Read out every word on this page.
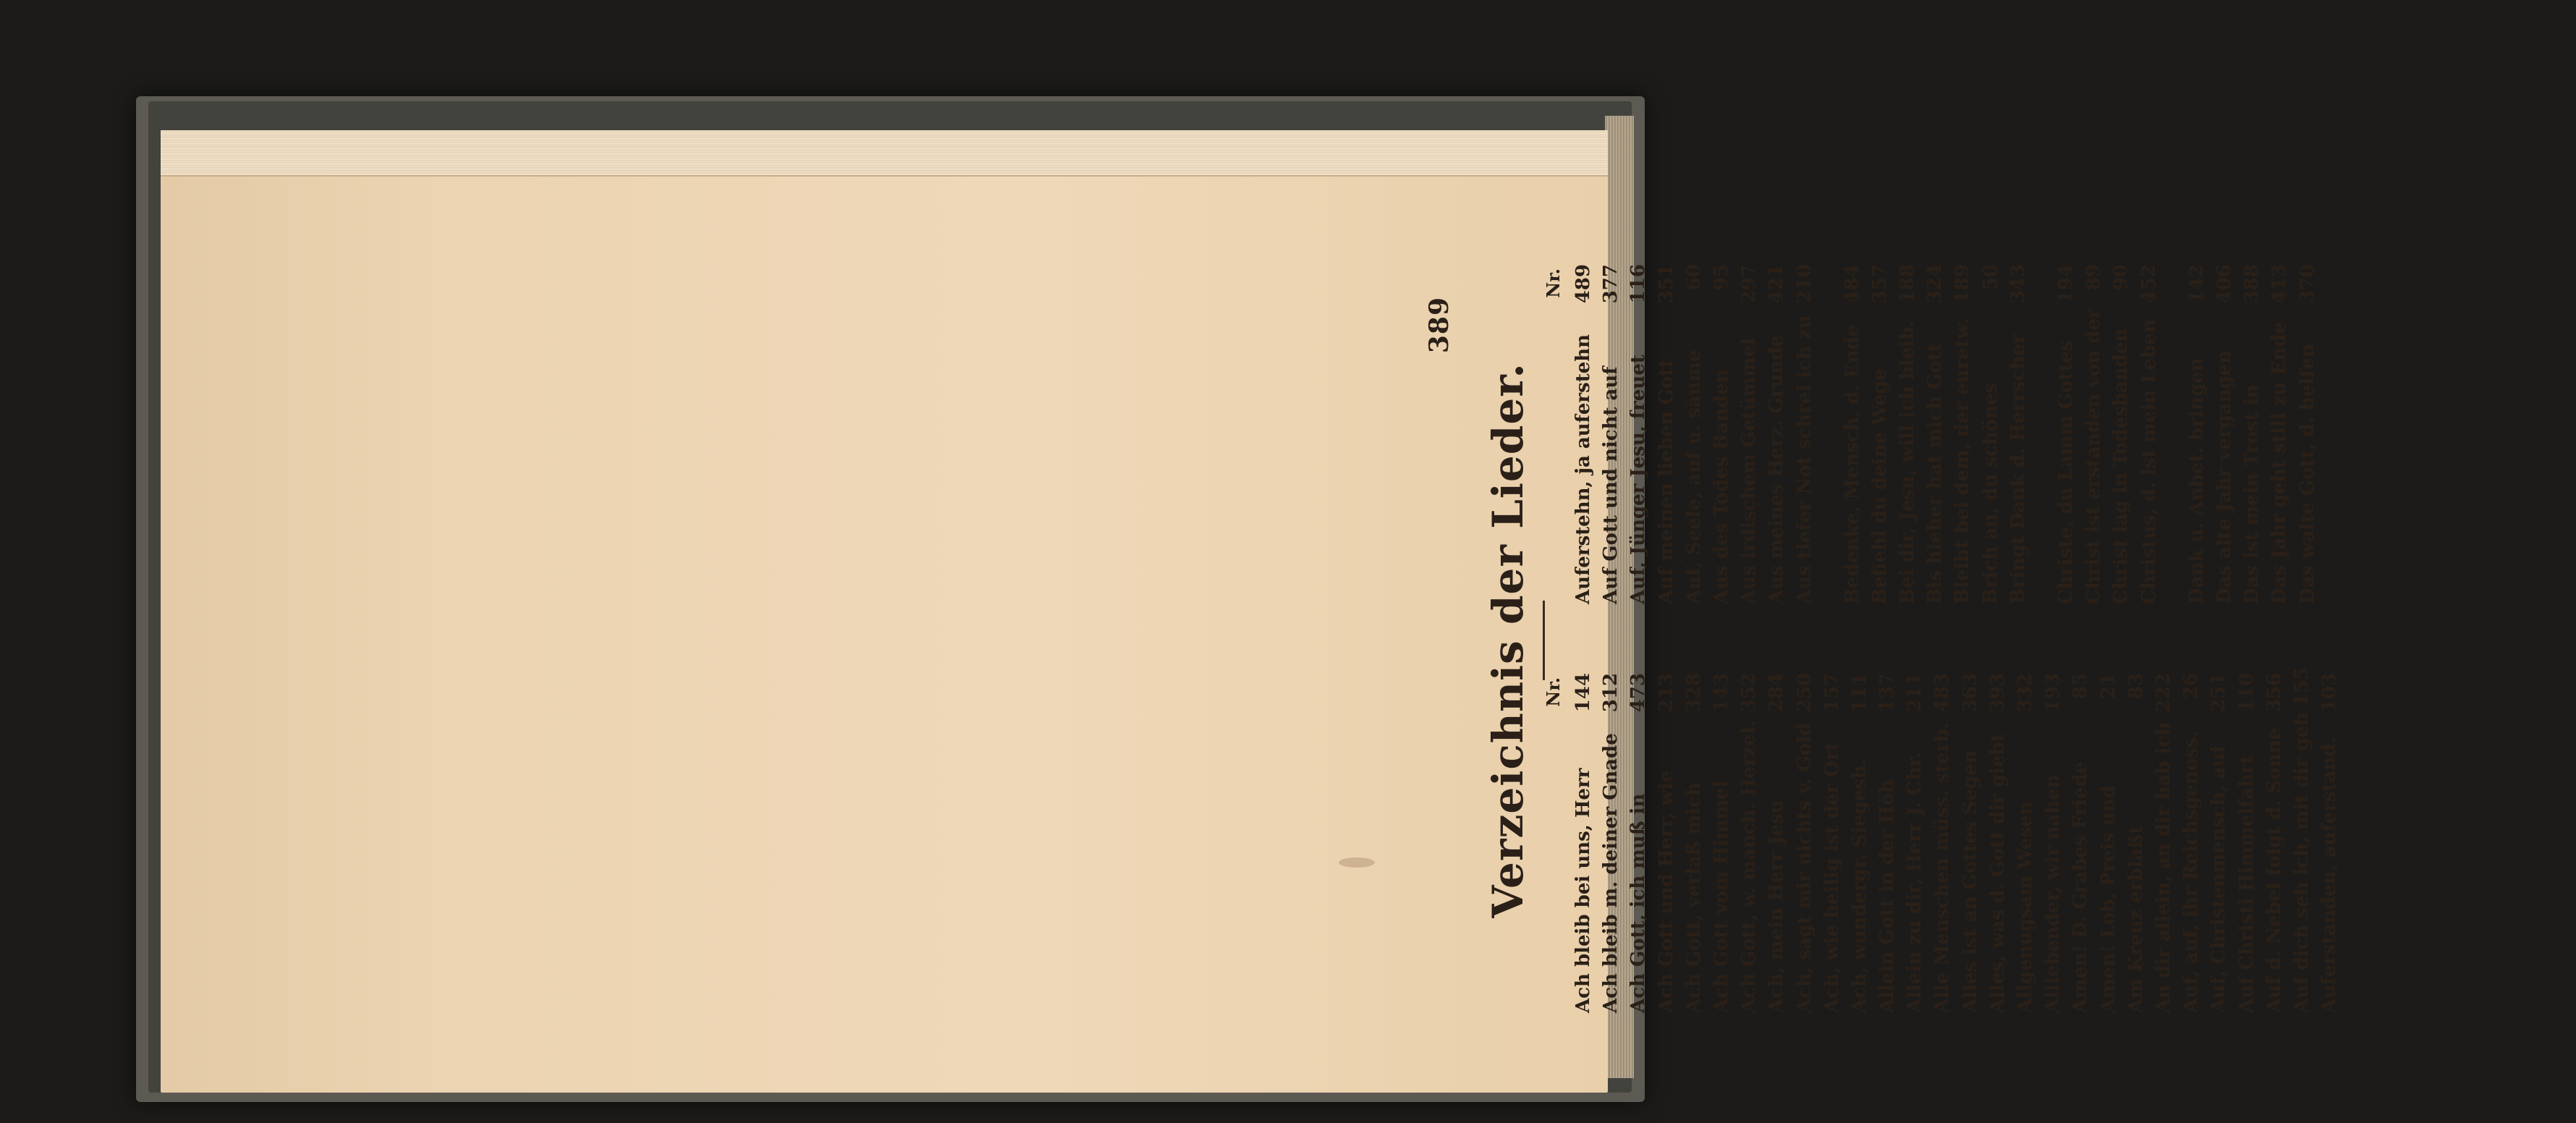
389
Verzeichnis der Lieder. Nr.
Ach bleib bei uns, Herr
144
Ach bleib m. deiner Gnade
312
Ach Gott, ich muß in
473
Ach Gott und Herr, wie
213
Ach Gott, verlaß mich
328
Ach Gott vom Himmel
143
Ach Gott, w. manch. Herzel.
352
Ach, mein Herr Jesu
284
Ach, sagt mir nichts v. Gold
250
Ach, wie heilig ist der Ort
157
Ach, wundergr. Siegesh.
111
Allein Gott in der Höh
137
Allein zu dir, Herr J. Chr.
211
Alle Menschen müss. sterb.
483
Alles ist an Gottes Segen
363
Alles, was d. Gott dir giebt
393
Allgenugsam Wesen
332
Alliebender, wir nahen
193
Amen! D. Grabes Friede
85
Amen! Lob, Preis und
21
Am Kreuz erblaßt
83
An dir allein, an dir hab ich
222
Auf, auf, ihr Reichsgenoss.
26
Auf, Christenmensch, auf
251
Auf Christi Himmelfahrt
110
Auf d. Nebel folgt d. Sonne
356
Auf dich seh ich, mit dir geh
155
Auferstanden, auferstand.
103
Nr.
Auferstehn, ja auferstehn
489
Auf Gott und nicht auf
377
Auf, Jünger Jesu, freuet
116
Auf meinen lieben Gott
351
Auf, Seele, auf u. säume
60
Aus des Todes Banden
95
Aus irdischem Getümmel
297
Aus meines Herz. Grunde
421
Aus tiefer Not schrei ich zu
210
Bedenke, Mensch, d. Ende
484
Befiehl du deine Wege
357
Bei dir, Jesu, will ich bleib.
188
Bis hieher hat mich Gott
324
Bleibt bei dem, der euretw.
189
Brich an, du schönes
50
Bringt Dank d. Herrscher
343
Christe, du Lamm Gottes
194
Christ ist erstanden von der
89
Christ lag in Todesbanden
90
Christus, d. ist mein Leben
452
Dank u. Anbet. bringen
142
Das alte Jahr vergangen
406
Das ist mein Trost in
388
Das Jahr geht still zu Ende
413
Das walte Gott, d. helfen
370
